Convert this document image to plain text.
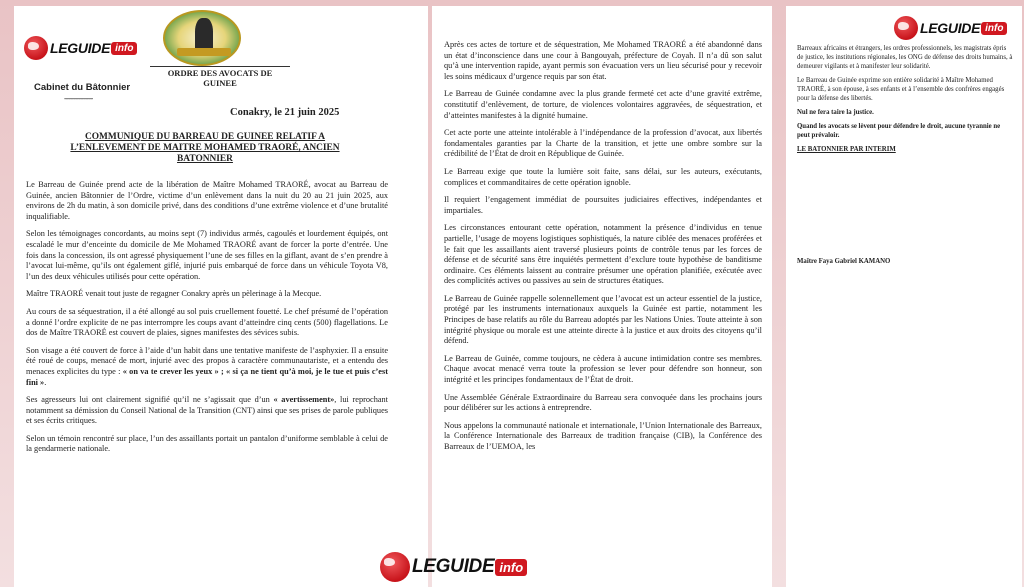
LEGUIDE info
LEGUIDE info
LEGUIDE info
ORDRE DES AVOCATS DE GUINEE
Cabinet du Bâtonnier
-----------------
Conakry, le 21 juin 2025
COMMUNIQUE DU BARREAU DE GUINEE RELATIF A L’ENLEVEMENT DE MAITRE MOHAMED TRAORÉ, ANCIEN BATONNIER

Le Barreau de Guinée prend acte de la libération de Maître Mohamed TRAORÉ, avocat au Barreau de Guinée, ancien Bâtonnier de l’Ordre, victime d’un enlèvement dans la nuit du 20 au 21 juin 2025, aux environs de 2h du matin, à son domicile privé, dans des conditions d’une extrême violence et d’une brutalité inqualifiable.

Selon les témoignages concordants, au moins sept (7) individus armés, cagoulés et lourdement équipés, ont escaladé le mur d’enceinte du domicile de Me Mohamed TRAORÉ avant de forcer la porte d’entrée. Une fois dans la concession, ils ont agressé physiquement l’une de ses filles en la giflant, avant de s’en prendre à l’avocat lui-même, qu’ils ont également giflé, injurié puis embarqué de force dans un véhicule Toyota V8, l’un des deux véhicules utilisés pour cette opération.

Maître TRAORÉ venait tout juste de regagner Conakry après un pèlerinage à la Mecque.

Au cours de sa séquestration, il a été allongé au sol puis cruellement fouetté. Le chef présumé de l’opération a donné l’ordre explicite de ne pas interrompre les coups avant d’atteindre cinq cents (500) flagellations. Le dos de Maître TRAORÉ est couvert de plaies, signes manifestes des sévices subis.

Son visage a été couvert de force à l’aide d’un habit dans une tentative manifeste de l’asphyxier. Il a ensuite été roué de coups, menacé de mort, injurié avec des propos à caractère communautariste, et a entendu des menaces explicites du type : « on va te crever les yeux » ; « si ça ne tient qu’à moi, je le tue et puis c’est fini ».

Ses agresseurs lui ont clairement signifié qu’il ne s’agissait que d’un « avertissement», lui reprochant notamment sa démission du Conseil National de la Transition (CNT) ainsi que ses prises de parole publiques et ses écrits critiques.

Selon un témoin rencontré sur place, l’un des assaillants portait un pantalon d’uniforme semblable à celui de la gendarmerie nationale.

Après ces actes de torture et de séquestration, Me Mohamed TRAORÉ a été abandonné dans un état d’inconscience dans une cour à Bangouyah, préfecture de Coyah. Il n’a dû son salut qu’à une intervention rapide, ayant permis son évacuation vers un lieu sécurisé pour y recevoir les soins médicaux d’urgence requis par son état.

Le Barreau de Guinée condamne avec la plus grande fermeté cet acte d’une gravité extrême, constitutif d’enlèvement, de torture, de violences volontaires aggravées, de séquestration, et d’atteintes manifestes à la dignité humaine.

Cet acte porte une atteinte intolérable à l’indépendance de la profession d’avocat, aux libertés fondamentales garanties par la Charte de la transition, et jette une ombre sombre sur la crédibilité de l’État de droit en République de Guinée.

Le Barreau exige que toute la lumière soit faite, sans délai, sur les auteurs, exécutants, complices et commanditaires de cette opération ignoble.

Il requiert l’engagement immédiat de poursuites judiciaires effectives, indépendantes et impartiales.

Les circonstances entourant cette opération, notamment la présence d’individus en tenue partielle, l’usage de moyens logistiques sophistiqués, la nature ciblée des menaces proférées et le fait que les assaillants aient traversé plusieurs points de contrôle tenus par les forces de défense et de sécurité sans être inquiétés permettent d’exclure toute hypothèse de banditisme ordinaire. Ces éléments laissent au contraire présumer une opération planifiée, exécutée avec des complicités actives ou passives au sein de structures étatiques.

Le Barreau de Guinée rappelle solennellement que l’avocat est un acteur essentiel de la justice, protégé par les instruments internationaux auxquels la Guinée est partie, notamment les Principes de base relatifs au rôle du Barreau adoptés par les Nations Unies. Toute atteinte à son intégrité physique ou morale est une atteinte directe à la justice et aux droits des citoyens qu’il défend.

Le Barreau de Guinée, comme toujours, ne cèdera à aucune intimidation contre ses membres. Chaque avocat menacé verra toute la profession se lever pour défendre son honneur, son intégrité et les principes fondamentaux de l’État de droit.

Une Assemblée Générale Extraordinaire du Barreau sera convoquée dans les prochains jours pour délibérer sur les actions à entreprendre.

Nous appelons la communauté nationale et internationale, l’Union Internationale des Barreaux, la Conférence Internationale des Barreaux de tradition française (CIB), la Conférence des Barreaux de l’UEMOA, les

Barreaux africains et étrangers, les ordres professionnels, les magistrats épris de justice, les institutions régionales, les ONG de défense des droits humains, à demeurer vigilants et à manifester leur solidarité.

Le Barreau de Guinée exprime son entière solidarité à Maître Mohamed TRAORÉ, à son épouse, à ses enfants et à l’ensemble des confrères engagés pour la défense des libertés.

Nul ne fera taire la justice.

Quand les avocats se lèvent pour défendre le droit, aucune tyrannie ne peut prévaloir.

LE BATONNIER PAR INTERIM

Maître Faya Gabriel KAMANO
